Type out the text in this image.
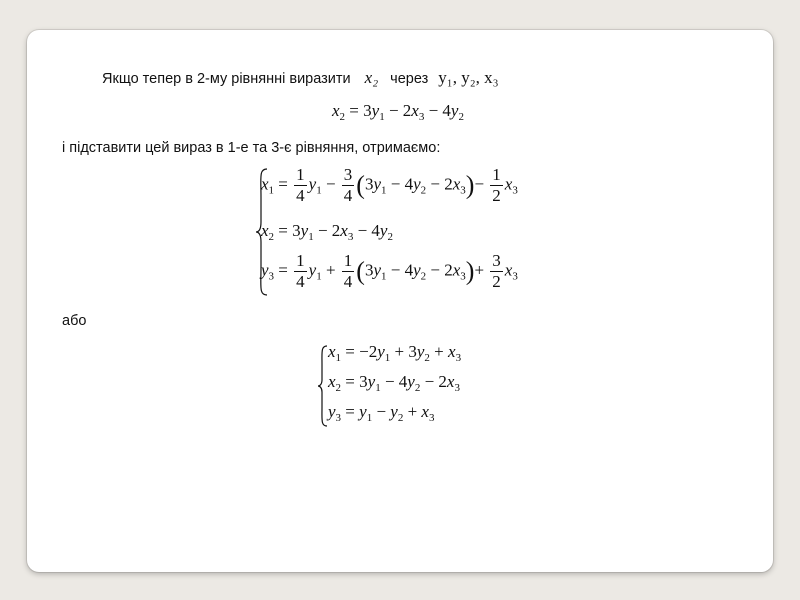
Якщо тепер в 2-му рівнянні виразити x₂ через y₁, y₂, x₃
$x_2 = 3y_1 - 2x_3 - 4y_2$
і підставити цей вираз в 1-е та 3-є рівняння, отримаємо:
$x_1 = \frac{1}{4} y_1 - \frac{3}{4} (3y_1 - 4y_2 - 2x_3)- \frac{1}{2} x_3$
$x_2 = 3y_1 - 2x_3 - 4y_2$
$y_3 = \frac{1}{4} y_1 + \frac{1}{4} (3y_1 - 4y_2 - 2x_3)+ \frac{3}{2} x_3$
або
$x_1 = -2y_1 + 3y_2 + x_3$
$x_2 = 3y_1 - 4y_2 - 2x_3$
$y_3 = y_1 - y_2 + x_3$
